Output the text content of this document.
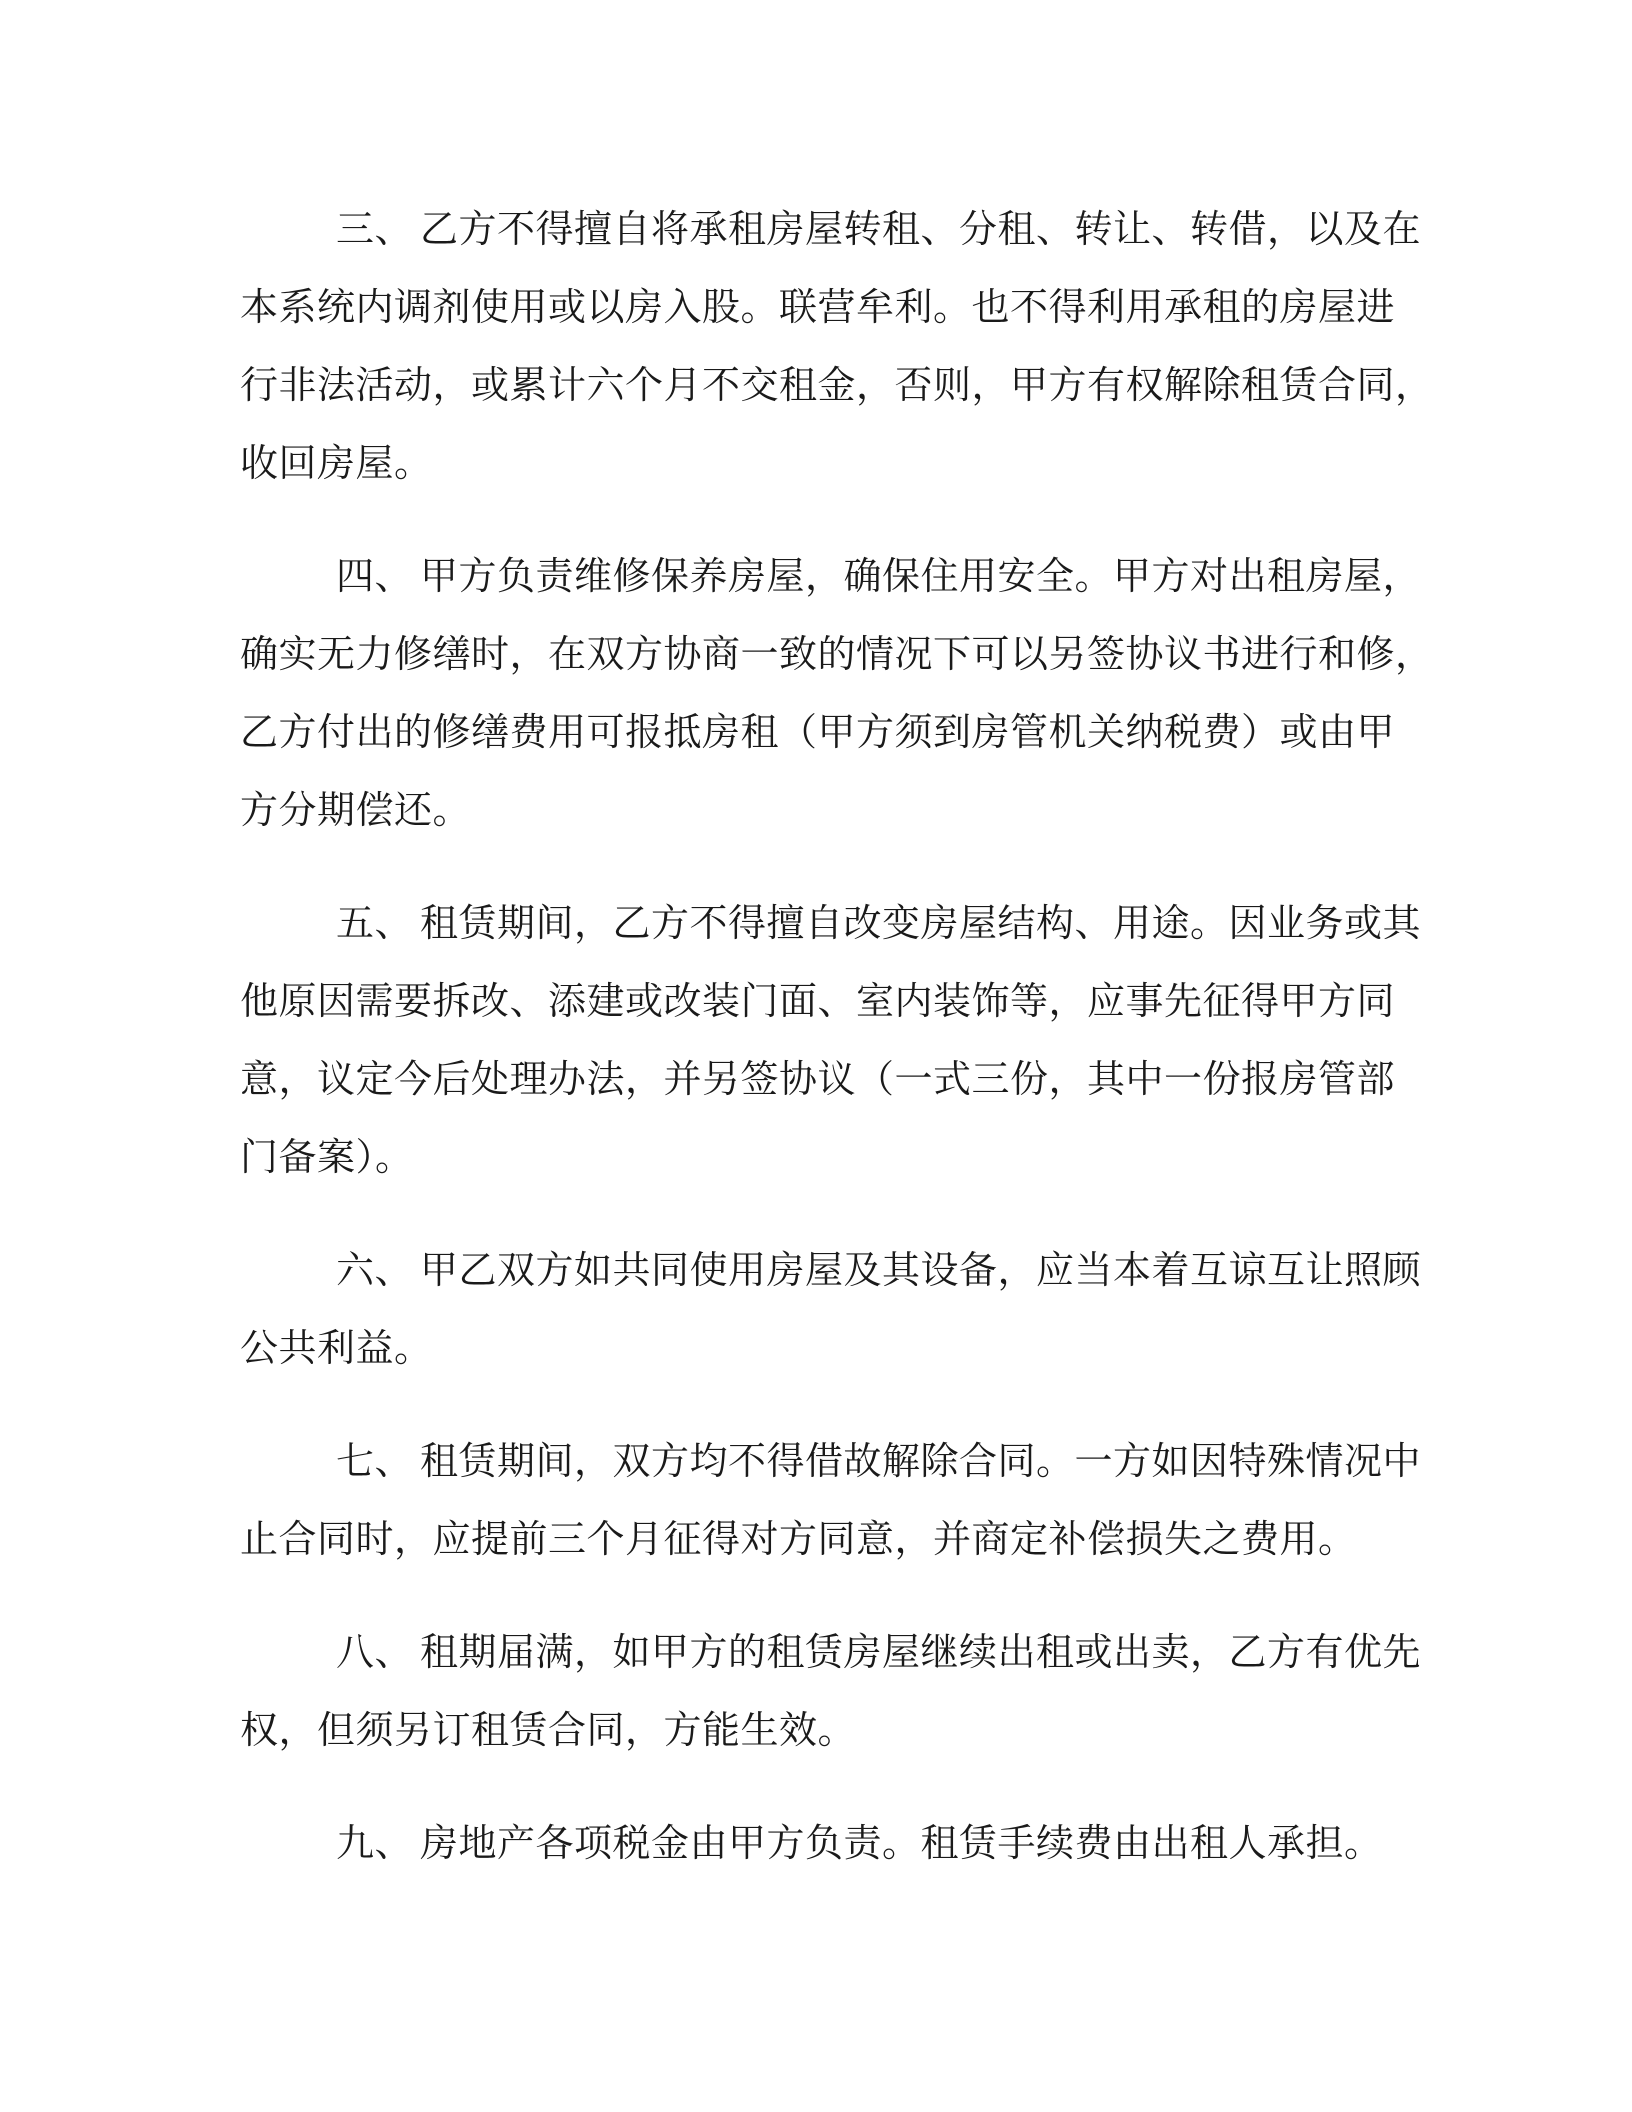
三、 乙方不得擅自将承租房屋转租、分租、转让、转借，以及在
本系统内调剂使用或以房入股。联营牟利。也不得利用承租的房屋进
行非法活动，或累计六个月不交租金，否则，甲方有权解除租赁合同，
收回房屋。
四、 甲方负责维修保养房屋，确保住用安全。甲方对出租房屋，
确实无力修缮时，在双方协商一致的情况下可以另签协议书进行和修，
乙方付出的修缮费用可报抵房租（甲方须到房管机关纳税费）或由甲
方分期偿还。
五、 租赁期间，乙方不得擅自改变房屋结构、用途。因业务或其
他原因需要拆改、添建或改装门面、室内装饰等，应事先征得甲方同
意，议定今后处理办法，并另签协议（一式三份，其中一份报房管部
门备案）。
六、 甲乙双方如共同使用房屋及其设备，应当本着互谅互让照顾
公共利益。
七、 租赁期间，双方均不得借故解除合同。一方如因特殊情况中
止合同时，应提前三个月征得对方同意，并商定补偿损失之费用。
八、 租期届满，如甲方的租赁房屋继续出租或出卖，乙方有优先
权，但须另订租赁合同，方能生效。
九、 房地产各项税金由甲方负责。租赁手续费由出租人承担。
